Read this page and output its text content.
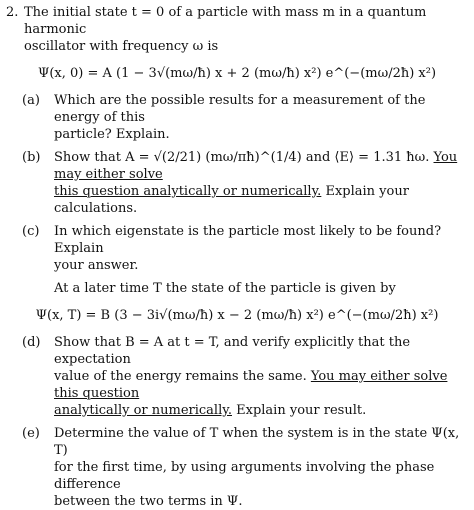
2. The initial state t = 0 of a particle with mass m in a quantum harmonic
oscillator with frequency ω is
Ψ(x, 0) = A (1 − 3√(mω/ħ) x + 2 (mω/ħ) x²) e^(−(mω/2ħ) x²)
(a)	Which are the possible results for a measurement of the energy of this
particle? Explain.
(b)	Show that A = √(2/21) (mω/πħ)^(1/4) and ⟨E⟩ = 1.31 ħω. You may either solve
this question analytically or numerically. Explain your calculations.
(c)	In which eigenstate is the particle most likely to be found? Explain
your answer.
At a later time T the state of the particle is given by
Ψ(x, T) = B (3 − 3i√(mω/ħ) x − 2 (mω/ħ) x²) e^(−(mω/2ħ) x²)
(d)	Show that B = A at t = T, and verify explicitly that the expectation
value of the energy remains the same. You may either solve this question
analytically or numerically. Explain your result.
(e)	Determine the value of T when the system is in the state Ψ(x, T)
for the first time, by using arguments involving the phase difference
between the two terms in Ψ.
